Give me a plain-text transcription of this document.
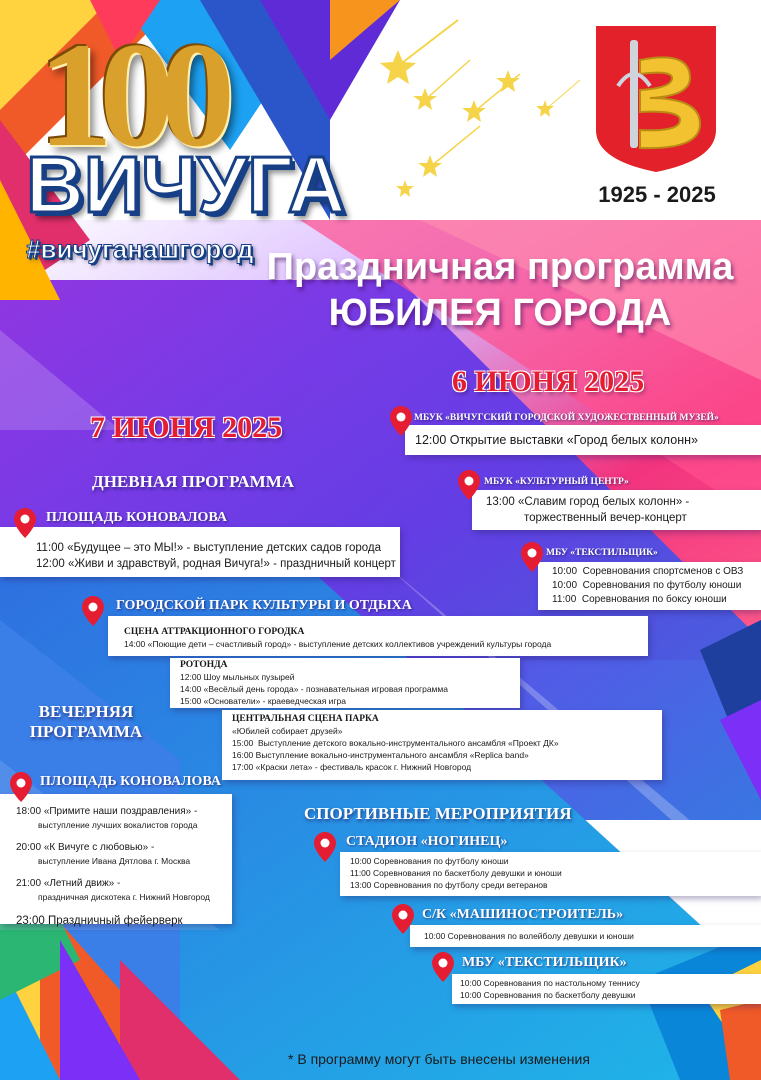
100
ВИЧУГА
#вичуганашгород
1925 - 2025
Праздничная программа
ЮБИЛЕЯ ГОРОДА
6 ИЮНЯ 2025
МБУК «ВИЧУГСКИЙ ГОРОДСКОЙ ХУДОЖЕСТВЕННЫЙ МУЗЕЙ»
12:00 Открытие выставки «Город белых колонн»
МБУК «КУЛЬТУРНЫЙ ЦЕНТР»
13:00 «Славим город белых колонн» -
торжественный вечер-концерт
МБУ «ТЕКСТИЛЬЩИК»
10:00 Соревнования спортсменов с ОВЗ
10:00 Соревнования по футболу юноши
11:00 Соревнования по боксу юноши
7 ИЮНЯ 2025
ДНЕВНАЯ ПРОГРАММА
ПЛОЩАДЬ КОНОВАЛОВА
11:00 «Будущее – это МЫ!» - выступление детских садов города
12:00 «Живи и здравствуй, родная Вичуга!» - праздничный концерт
ГОРОДСКОЙ ПАРК КУЛЬТУРЫ И ОТДЫХА
СЦЕНА АТТРАКЦИОННОГО ГОРОДКА
14:00 «Поющие дети – счастливый город» - выступление детских коллективов учреждений культуры города
РОТОНДА
12:00 Шоу мыльных пузырей
14:00 «Весёлый день города» - познавательная игровая программа
15:00 «Основатели» - краеведческая игра
ЦЕНТРАЛЬНАЯ СЦЕНА ПАРКА
«Юбилей собирает друзей»
15:00 Выступление детского вокально-инструментального ансамбля «Проект ДК»
16:00 Выступление вокально-инструментального ансамбля «Replica band»
17:00 «Краски лета» - фестиваль красок г. Нижний Новгород
ВЕЧЕРНЯЯ
ПРОГРАММА
ПЛОЩАДЬ КОНОВАЛОВА
18:00 «Примите наши поздравления» -
выступление лучших вокалистов города
20:00 «К Вичуге с любовью» -
выступление Ивана Дятлова г. Москва
21:00 «Летний движ» -
праздничная дискотека г. Нижний Новгород
23:00 Праздничный фейерверк
СПОРТИВНЫЕ МЕРОПРИЯТИЯ
СТАДИОН «НОГИНЕЦ»
10:00 Соревнования по футболу юноши
11:00 Соревнования по баскетболу девушки и юноши
13:00 Соревнования по футболу среди ветеранов
С/К «МАШИНОСТРОИТЕЛЬ»
10:00 Соревнования по волейболу девушки и юноши
МБУ «ТЕКСТИЛЬЩИК»
10:00 Соревнования по настольному теннису
10:00 Соревнования по баскетболу девушки
* В программу могут быть внесены изменения
